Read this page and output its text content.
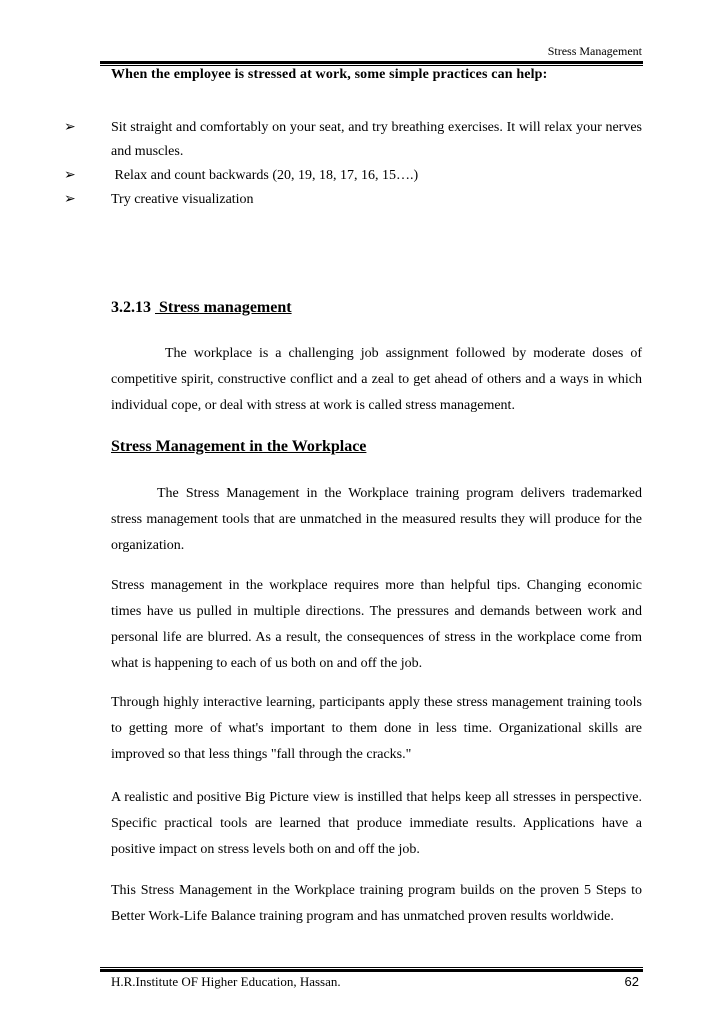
Stress Management
When the employee is stressed at work, some simple practices can help:
➢	Sit straight and comfortably on your seat, and try breathing exercises. It will relax your nerves and muscles.
➢	Relax and count backwards (20, 19, 18, 17, 16, 15….)
➢	Try creative visualization
3.2.13 Stress management

The workplace is a challenging job assignment followed by moderate doses of competitive spirit, constructive conflict and a zeal to get ahead of others and a ways in which individual cope, or deal with stress at work is called stress management.

Stress Management in the Workplace

The Stress Management in the Workplace training program delivers trademarked stress management tools that are unmatched in the measured results they will produce for the organization.

Stress management in the workplace requires more than helpful tips. Changing economic times have us pulled in multiple directions. The pressures and demands between work and personal life are blurred. As a result, the consequences of stress in the workplace come from what is happening to each of us both on and off the job.

Through highly interactive learning, participants apply these stress management training tools to getting more of what's important to them done in less time. Organizational skills are improved so that less things "fall through the cracks."

A realistic and positive Big Picture view is instilled that helps keep all stresses in perspective. Specific practical tools are learned that produce immediate results. Applications have a positive impact on stress levels both on and off the job.

This Stress Management in the Workplace training program builds on the proven 5 Steps to Better Work-Life Balance training program and has unmatched proven results worldwide.

H.R.Institute OF Higher Education, Hassan.	62
